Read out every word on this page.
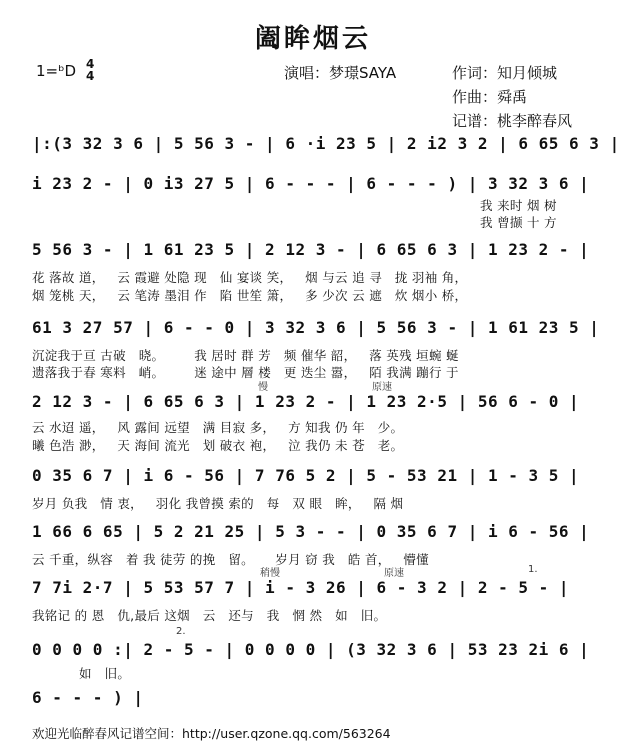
阖眸烟云
1=ᵇD 4
4	演唱：梦璟SAYA	作词：知月倾城
作曲：舜禹
记谱：桃李醉春风
|:(3 32 3 6 | 5 56 3 - | 6 ·i 23 5 | 2 i2 3 2 | 6 65 6 3 |
i 23 2 - | 0 i3 27 5 | 6 - - - | 6 - - - ) | 3 32 3 6 |
我 来时 烟 树
我 曾撷 十 方
5 56 3 - | 1 61 23 5 | 2 12 3 - | 6 65 6 3 | 1 23 2 - |
花 落故 道，   云 霞避 处隐 现   仙 宴谈 笑，   烟 与云 追 寻   拢 羽袖 角，
烟 笼桃 天，   云 笔涛 墨泪 作   陷 世笙 箫，   多 少次 云 遮   炊 烟小 桥，
61 3 27 57 | 6 - - 0 | 3 32 3 6 | 5 56 3 - | 1 61 23 5 |
沉淀我于亘 古破   晓。       我 居时 群 芳   频 催华 韶，   落 英残 垣蜿 蜒
遗落我于春 寒料   峭。       迷 途中 層 楼   更 迭尘 嚣，   陌 我满 蹦行 于
慢	原速
2 12 3 - | 6 65 6 3 | 1 23 2 - | 1 23 2·5 | 56 6 - 0 |
云 水迢 遥，   风 露间 远望   满 目寂 多，   方 知我 仍 年   少。
曦 色浩 渺，   天 海间 流光   划 破衣 袍，   泣 我仍 未 苍   老。
0 35 6 7 | i 6 - 56 | 7 76 5 2 | 5 - 53 21 | 1 - 3 5 |
岁月 负我   情 衷，   羽化 我曾摸 索的   每   双 眼   眸，   隔 烟
1 66 6 65 | 5 2 21 25 | 5 3 - - | 0 35 6 7 | i 6 - 56 |
云 千重，纵容   着 我 徒劳 的挽   留。     岁月 窃 我   皓 首，   懵懂
稍慢	原速	1.
7 7i 2·7 | 5 53 57 7 | i - 3 26 | 6 - 3 2 | 2 - 5 - |
我铭记 的 恩   仇,最后 这烟   云   还与   我   惘 然   如   旧。
2.
0 0 0 0 :| 2 - 5 - | 0 0 0 0 | (3 32 3 6 | 53 23 2i 6 |
如   旧。
6 - - - ) |
欢迎光临醉春风记谱空间：http://user.qzone.qq.com/563264
